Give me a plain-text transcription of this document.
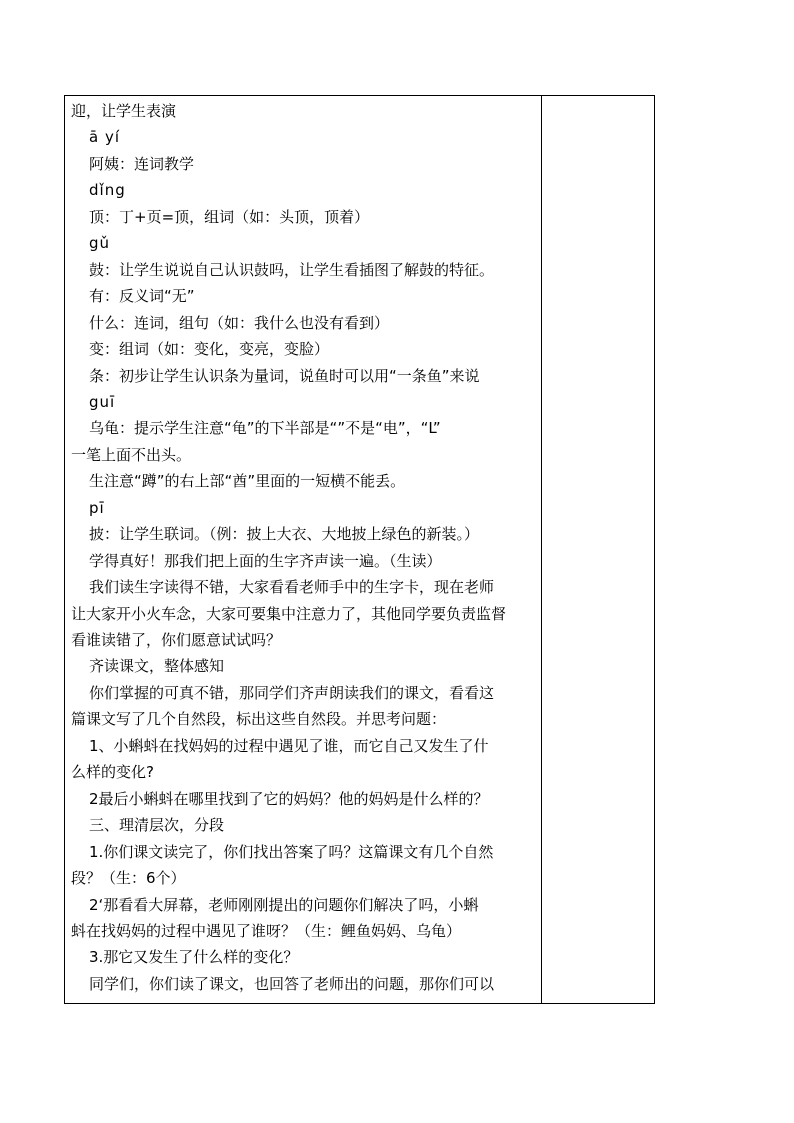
迎，让学生表演
ā yí
阿姨：连词教学
dǐng
顶：丁+页=顶，组词（如：头顶，顶着）
gǔ
鼓：让学生说说自己认识鼓吗，让学生看插图了解鼓的特征。
有：反义词“无”
什么：连词，组句（如：我什么也没有看到）
变：组词（如：变化，变亮，变脸）
条：初步让学生认识条为量词，说鱼时可以用“一条鱼”来说
guī
乌龟：提示学生注意“龟”的下半部是“”不是“电”，“L”
一笔上面不出头。
生注意“蹲”的右上部“酋”里面的一短横不能丢。
pī
披：让学生联词。（例：披上大衣、大地披上绿色的新装。）
学得真好！那我们把上面的生字齐声读一遍。（生读）
我们读生字读得不错，大家看看老师手中的生字卡，现在老师
让大家开小火车念，大家可要集中注意力了，其他同学要负责监督
看谁读错了，你们愿意试试吗？
齐读课文，整体感知
你们掌握的可真不错，那同学们齐声朗读我们的课文，看看这
篇课文写了几个自然段，标出这些自然段。并思考问题：
1、小蝌蚪在找妈妈的过程中遇见了谁，而它自己又发生了什
么样的变化?
2最后小蝌蚪在哪里找到了它的妈妈？他的妈妈是什么样的？
三、理清层次，分段
1.你们课文读完了，你们找出答案了吗？这篇课文有几个自然
段？（生：6个）
2‘那看看大屏幕，老师刚刚提出的问题你们解决了吗，小蝌
蚪在找妈妈的过程中遇见了谁呀？（生：鲤鱼妈妈、乌龟）
3.那它又发生了什么样的变化？
同学们，你们读了课文，也回答了老师出的问题，那你们可以
